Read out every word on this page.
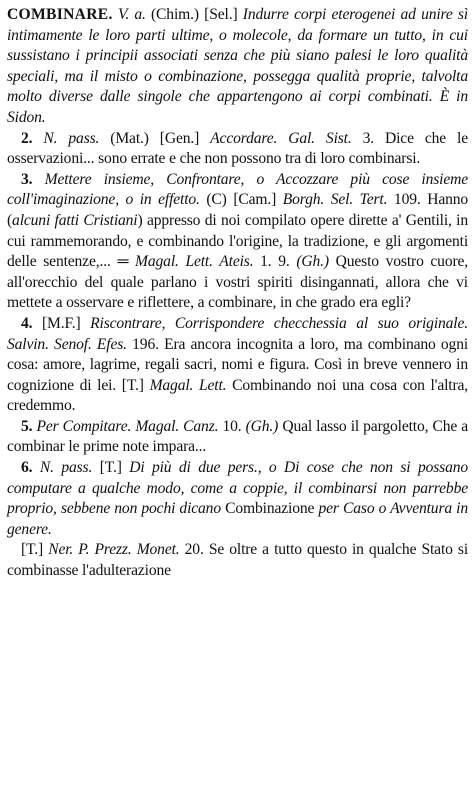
COMBINARE. V. a. (Chim.) [Sel.] Indurre corpi eterogenei ad unire sì intimamente le loro parti ultime, o molecole, da formare un tutto, in cui sussistano i principii associati senza che più siano palesi le loro qualità speciali, ma il misto o combinazione, possegga qualità proprie, talvolta molto diverse dalle singole che appartengono ai corpi combinati. È in Sidon.

2. N. pass. (Mat.) [Gen.] Accordare. Gal. Sist. 3. Dice che le osservazioni... sono errate e che non possono tra di loro combinarsi.

3. Mettere insieme, Confrontare, o Accozzare più cose insieme coll'imaginazione, o in effetto. (C) [Cam.] Borgh. Sel. Tert. 109. Hanno (alcuni fatti Cristiani) appresso di noi compilato opere dirette a' Gentili, in cui rammemorando, e combinando l'origine, la tradizione, e gli argomenti delle sentenze,... ═ Magal. Lett. Ateis. 1. 9. (Gh.) Questo vostro cuore, all'orecchio del quale parlano i vostri spiriti disingannati, allora che vi mettete a osservare e riflettere, a combinare, in che grado era egli?

4. [M.F.] Riscontrare, Corrispondere checchessia al suo originale. Salvin. Senof. Efes. 196. Era ancora incognita a loro, ma combinano ogni cosa: amore, lagrime, regali sacri, nomi e figura. Così in breve vennero in cognizione di lei. [T.] Magal. Lett. Combinando noi una cosa con l'altra, credemmo.

5. Per Compitare. Magal. Canz. 10. (Gh.) Qual lasso il pargoletto, Che a combinar le prime note impara...

6. N. pass. [T.] Di più di due pers., o Di cose che non si possano computare a qualche modo, come a coppie, il combinarsi non parrebbe proprio, sebbene non pochi dicano Combinazione per Caso o Avventura in genere.

[T.] Ner. P. Prezz. Monet. 20. Se oltre a tutto questo in qualche Stato si combinasse l'adulterazione
